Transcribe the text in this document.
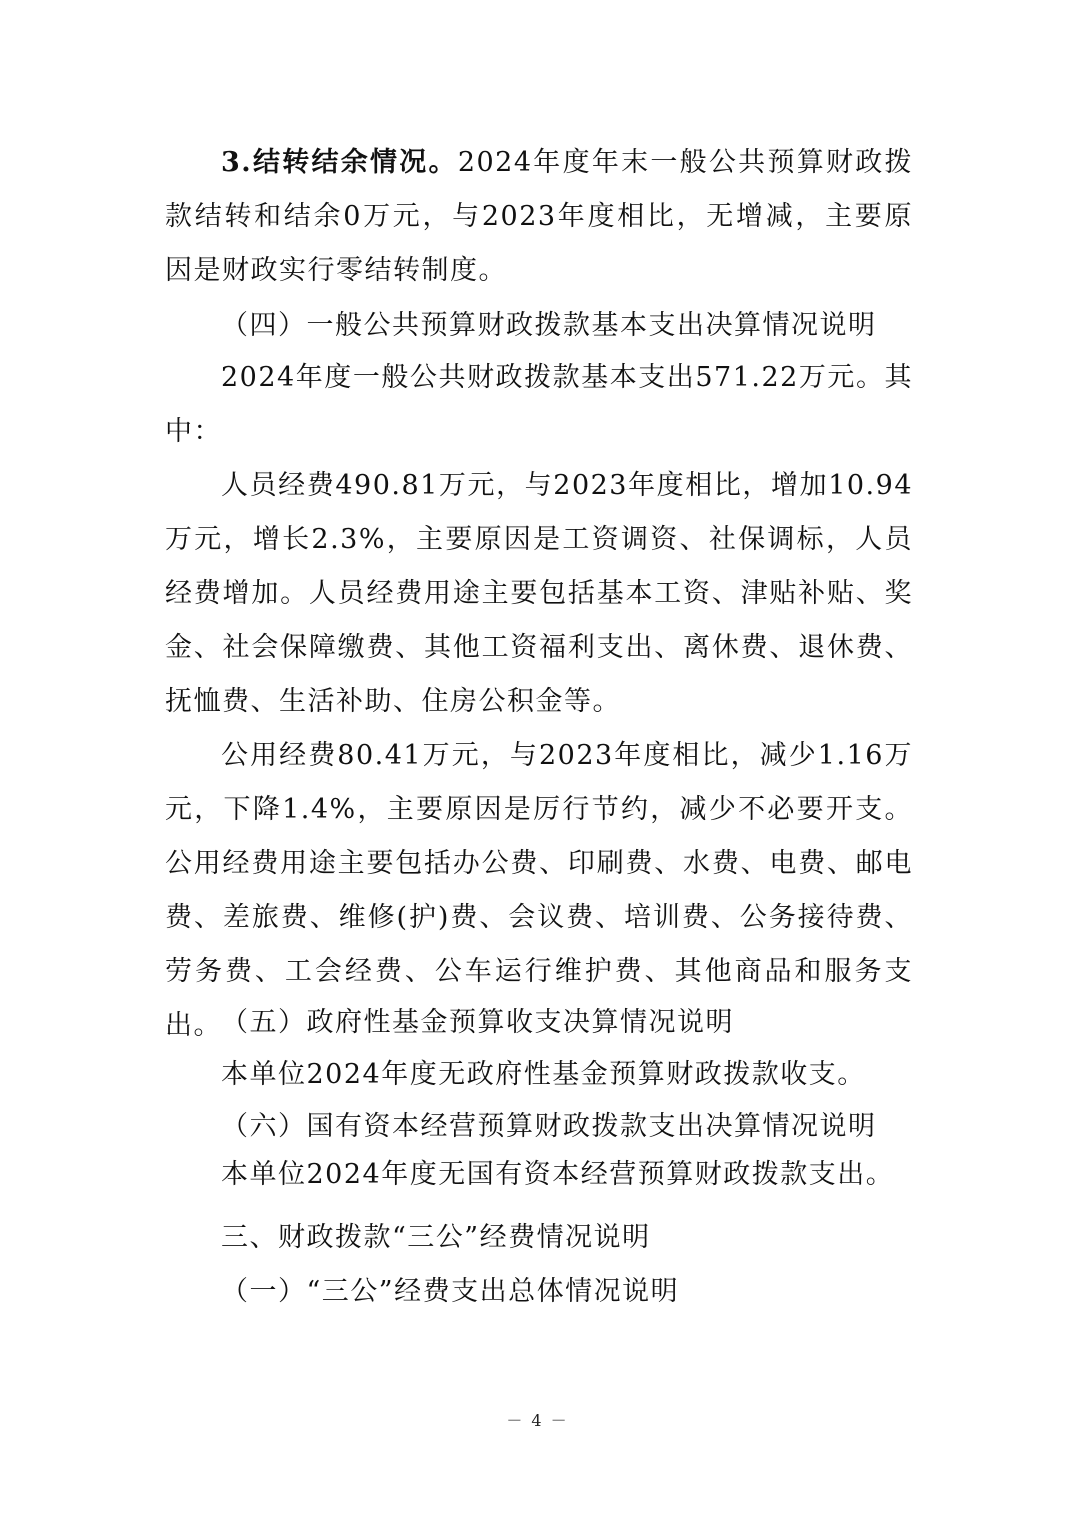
3.结转结余情况。2024年度年末一般公共预算财政拨款结转和结余0万元，与2023年度相比，无增减，主要原因是财政实行零结转制度。

（四）一般公共预算财政拨款基本支出决算情况说明

2024年度一般公共财政拨款基本支出571.22万元。其中：

人员经费490.81万元，与2023年度相比，增加10.94万元，增长2.3%，主要原因是工资调资、社保调标，人员经费增加。人员经费用途主要包括基本工资、津贴补贴、奖金、社会保障缴费、其他工资福利支出、离休费、退休费、抚恤费、生活补助、住房公积金等。

公用经费80.41万元，与2023年度相比，减少1.16万元，下降1.4%，主要原因是厉行节约，减少不必要开支。公用经费用途主要包括办公费、印刷费、水费、电费、邮电费、差旅费、维修(护)费、会议费、培训费、公务接待费、劳务费、工会经费、公车运行维护费、其他商品和服务支出。 （五）政府性基金预算收支决算情况说明
本单位2024年度无政府性基金预算财政拨款收支。
（六）国有资本经营预算财政拨款支出决算情况说明
本单位2024年度无国有资本经营预算财政拨款支出。
三、财政拨款“三公”经费情况说明
（一）“三公”经费支出总体情况说明
－ 4 －
